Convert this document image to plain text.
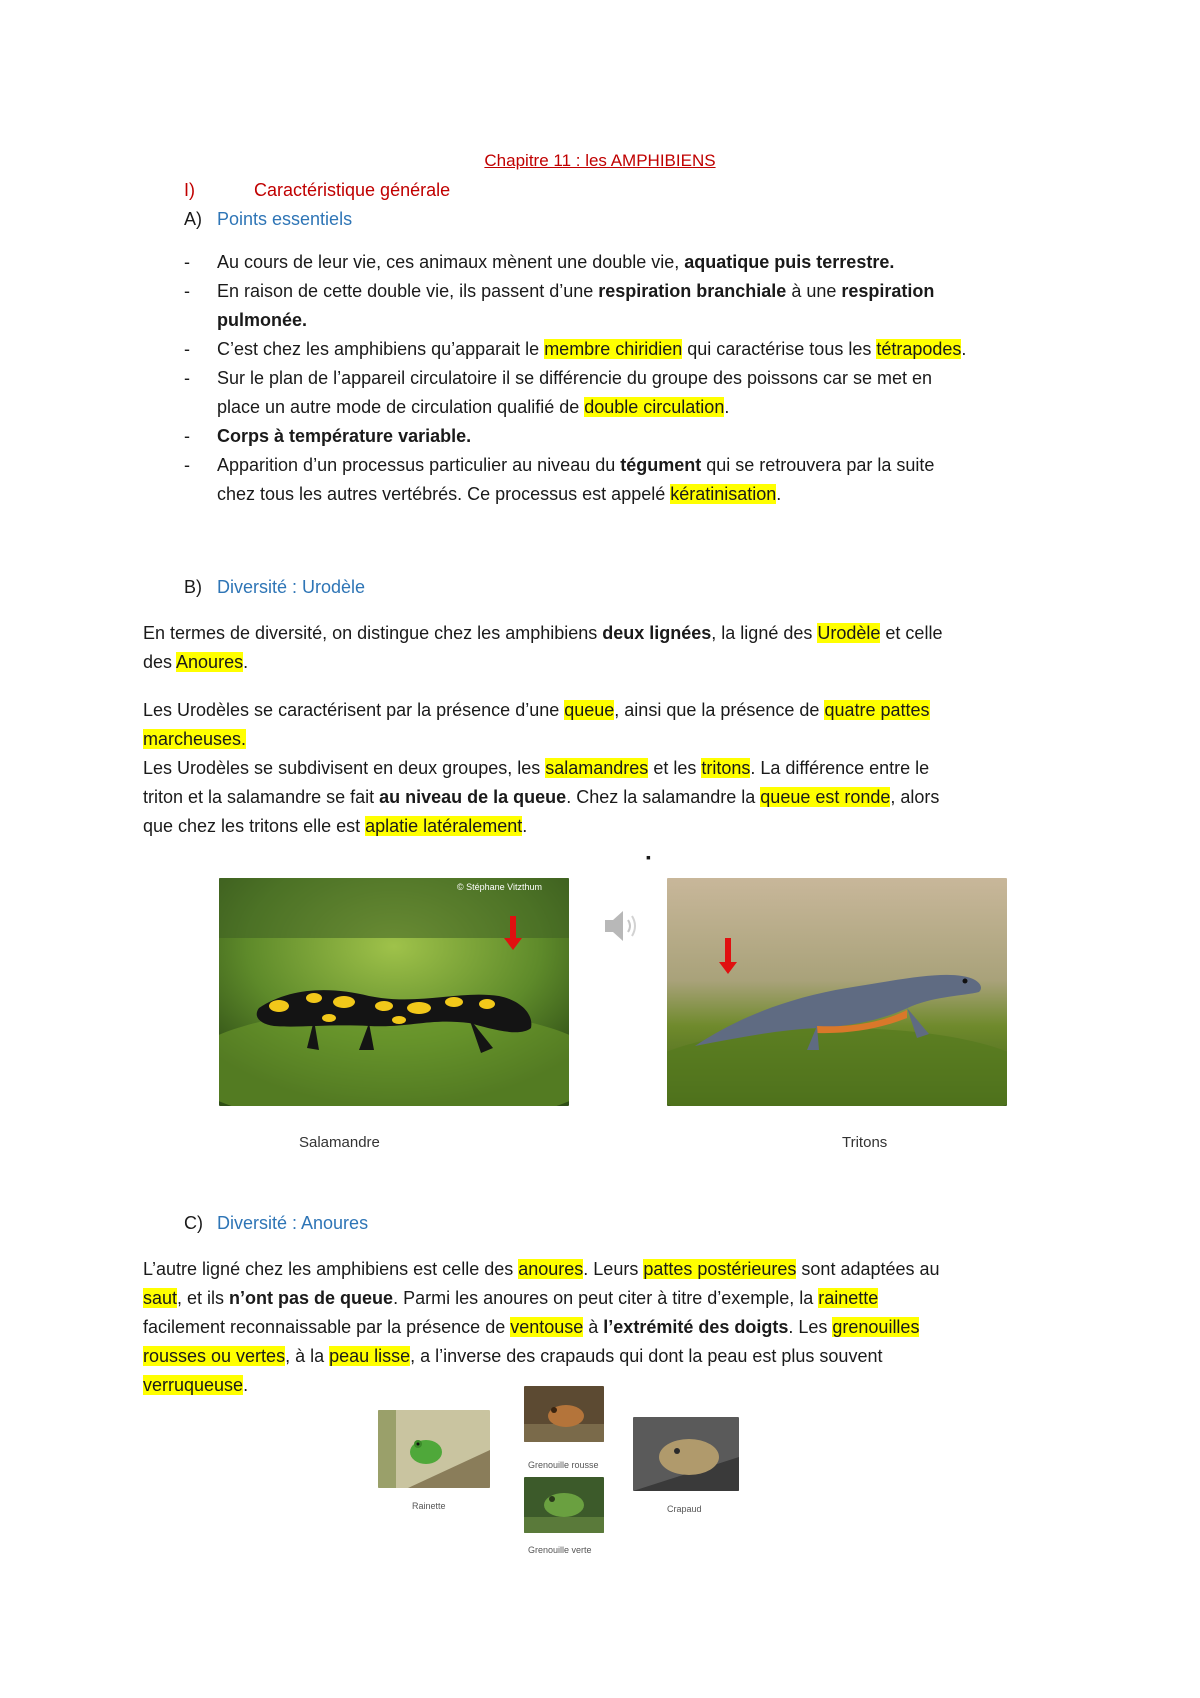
Chapitre 11 : les AMPHIBIENS
I)	Caractéristique générale
A) Points essentiels
- Au cours de leur vie, ces animaux mènent une double vie, aquatique puis terrestre.
- En raison de cette double vie, ils passent d’une respiration branchiale à une respiration
pulmonée.
- C’est chez les amphibiens qu’apparait le membre chiridien qui caractérise tous les tétrapodes.
- Sur le plan de l’appareil circulatoire il se différencie du groupe des poissons car se met en
place un autre mode de circulation qualifié de double circulation.
- Corps à température variable.
- Apparition d’un processus particulier au niveau du tégument qui se retrouvera par la suite
chez tous les autres vertébrés. Ce processus est appelé kératinisation.
B) Diversité : Urodèle
En termes de diversité, on distingue chez les amphibiens deux lignées, la ligné des Urodèle et celle
des Anoures.
Les Urodèles se caractérisent par la présence d’une queue, ainsi que la présence de quatre pattes
marcheuses.
Les Urodèles se subdivisent en deux groupes, les salamandres et les tritons. La différence entre le
triton et la salamandre se fait au niveau de la queue. Chez la salamandre la queue est ronde, alors
que chez les tritons elle est aplatie latéralement.
▪
© Stéphane Vitzthum
Salamandre	Tritons
C) Diversité : Anoures
L’autre ligné chez les amphibiens est celle des anoures. Leurs pattes postérieures sont adaptées au
saut, et ils n’ont pas de queue. Parmi les anoures on peut citer à titre d’exemple, la rainette
facilement reconnaissable par la présence de ventouse à l’extrémité des doigts. Les grenouilles
rousses ou vertes, à la peau lisse, a l’inverse des crapauds qui dont la peau est plus souvent
verruqueuse.
Rainette
Grenouille rousse
Crapaud
Grenouille verte
